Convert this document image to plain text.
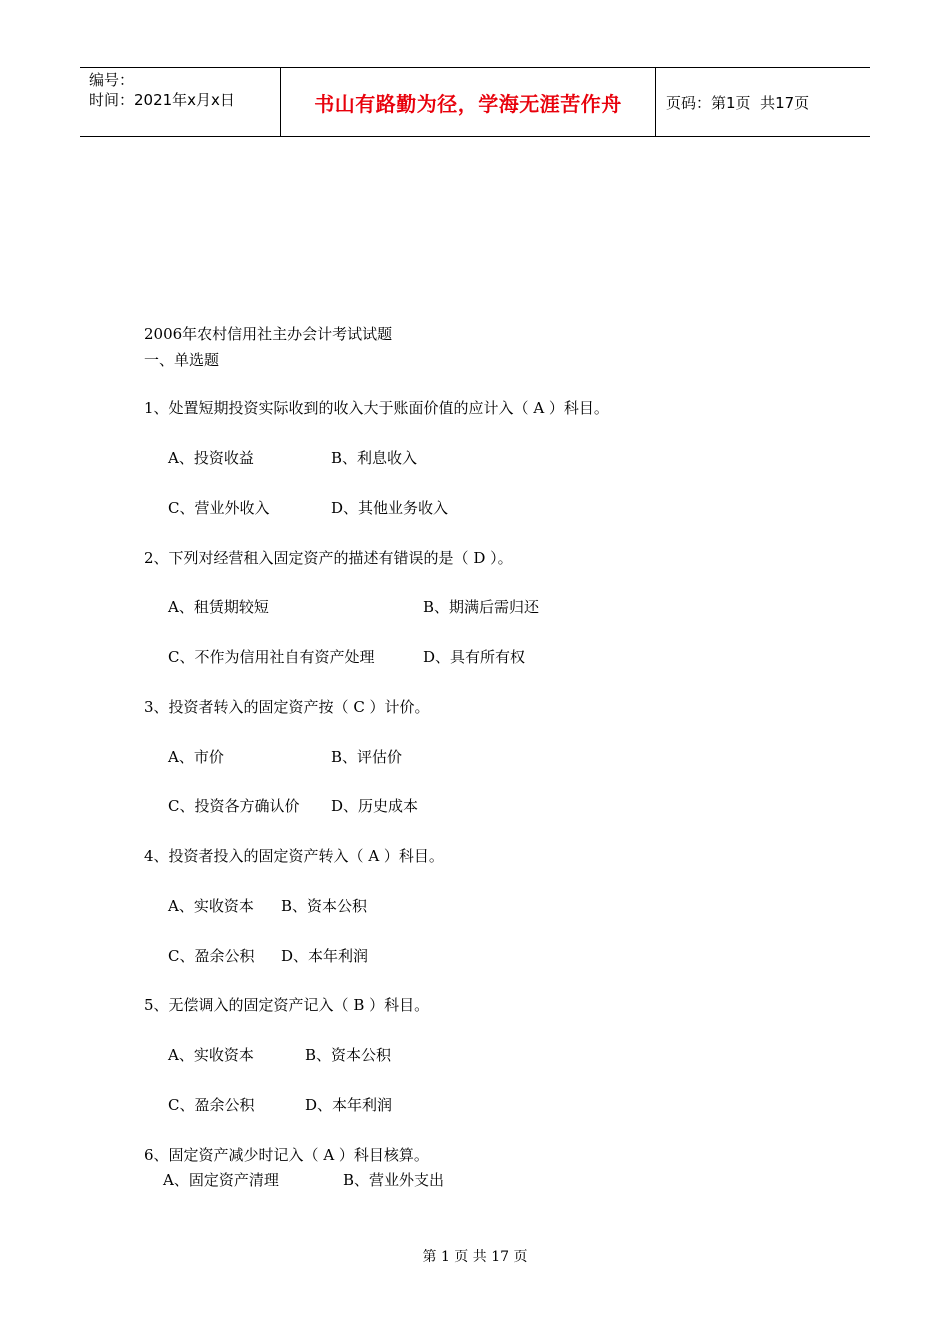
编号：
时间：2021年x月x日	书山有路勤为径，学海无涯苦作舟	页码：第1页  共17页
2006年农村信用社主办会计考试试题
一、单选题
1、处置短期投资实际收到的收入大于账面价值的应计入（ A ）科目。
A、投资收益	B、利息收入
C、营业外收入	D、其他业务收入
2、下列对经营租入固定资产的描述有错误的是（ D ）。
A、租赁期较短	B、期满后需归还
C、不作为信用社自有资产处理	D、具有所有权
3、投资者转入的固定资产按（ C ）计价。
A、市价	B、评估价
C、投资各方确认价 D、历史成本
4、投资者投入的固定资产转入（ A ）科目。
A、实收资本 B、资本公积
C、盈余公积 D、本年利润
5、无偿调入的固定资产记入（ B ）科目。
A、实收资本	B、资本公积
C、盈余公积	D、本年利润
6、固定资产减少时记入（ A ）科目核算。
A、固定资产清理	B、营业外支出
第 1 页 共 17 页
